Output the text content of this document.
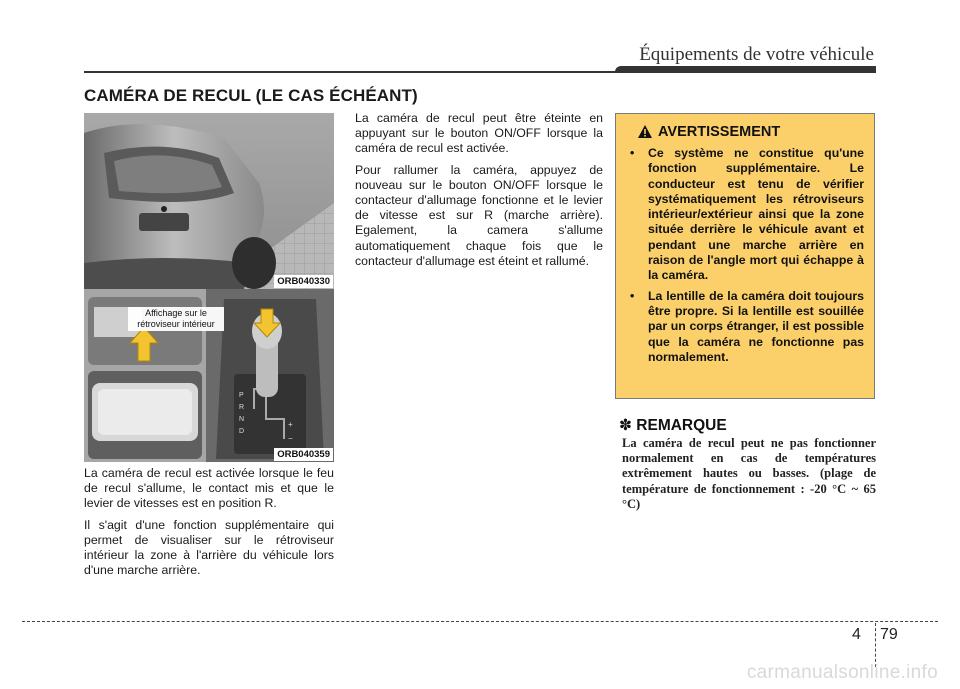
Équipements de votre véhicule
CAMÉRA DE RECUL (LE CAS ÉCHÉANT)
ORB040330
P
R
N
D
+
−
ORB040359
Affichage sur le
rétroviseur intérieur

La caméra de recul est activée lorsque le feu de recul s'allume, le contact mis et que le levier de vitesses est en position R.

Il s'agit d'une fonction supplémentaire qui permet de visualiser sur le rétroviseur intérieur la zone à l'arrière du véhicule lors d'une marche arrière.

La caméra de recul peut être éteinte en appuyant sur le bouton ON/OFF lorsque la caméra de recul est activée.

Pour rallumer la caméra, appuyez de nouveau sur le bouton ON/OFF lorsque le contacteur d'allumage fonctionne et le levier de vitesse est sur R (marche arrière). Egalement, la camera s'allume automatiquement chaque fois que le contacteur d'allumage est éteint et rallumé.

AVERTISSEMENT
• Ce système ne constitue qu'une fonction supplémentaire. Le conducteur est tenu de vérifier systématiquement les rétroviseurs intérieur/extérieur ainsi que la zone située derrière le véhicule avant et pendant une marche arrière en raison de l'angle mort qui échappe à la caméra.
• La lentille de la caméra doit toujours être propre. Si la lentille est souillée par un corps étranger, il est possible que la caméra ne fonctionne pas normalement.
✽ REMARQUE
La caméra de recul peut ne pas fonctionner normalement en cas de températures extrêmement hautes ou basses. (plage de température de fonctionnement : -20 °C ~ 65 °C)
4 79
carmanualsonline.info
